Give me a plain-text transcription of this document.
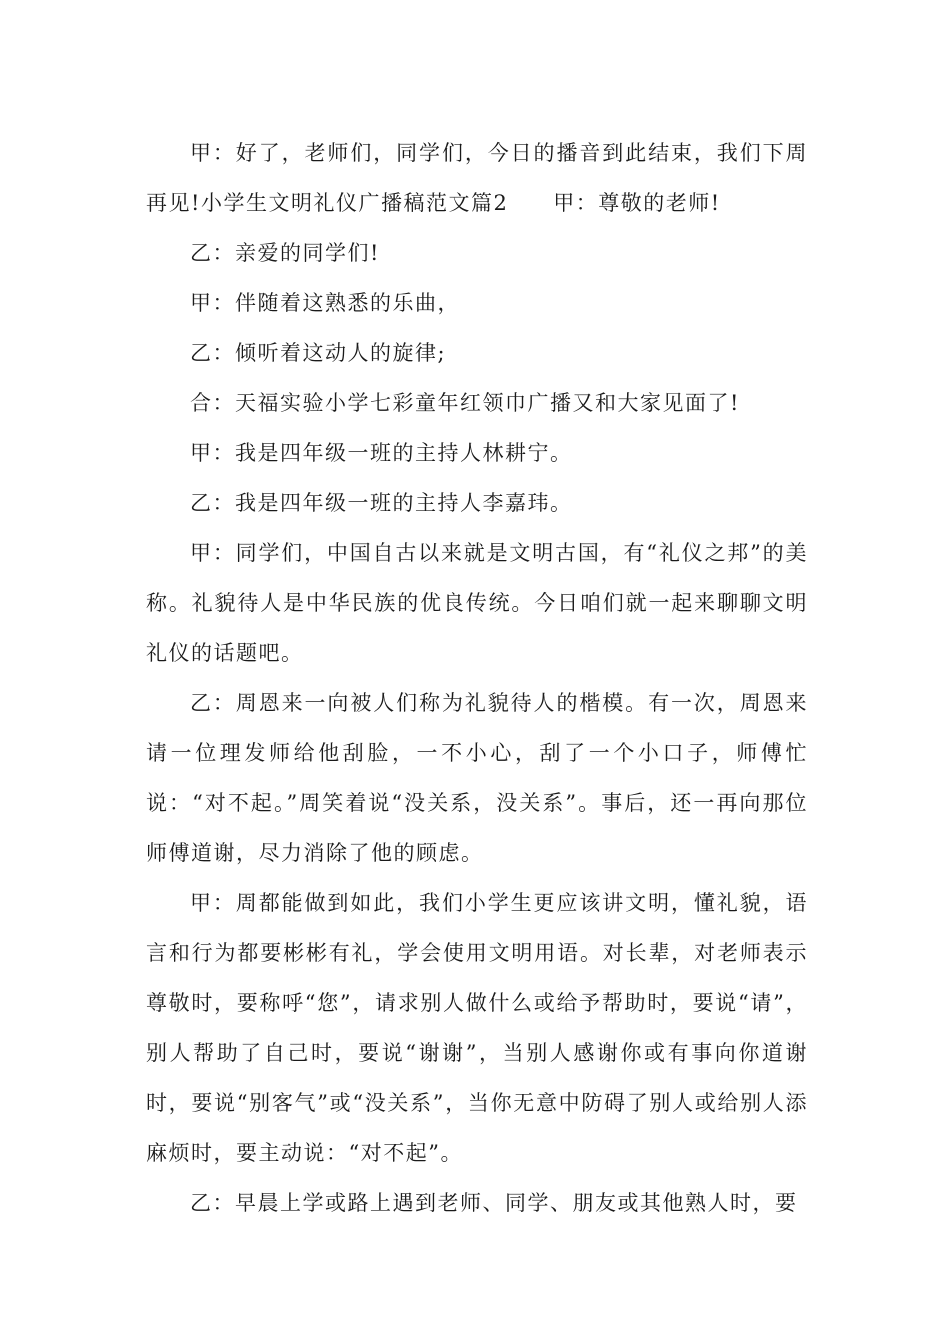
甲：好了，老师们，同学们，今日的播音到此结束，我们下周再见!小学生文明礼仪广播稿范文篇2　　甲：尊敬的老师!

乙：亲爱的同学们!

甲：伴随着这熟悉的乐曲，

乙：倾听着这动人的旋律;

合：天福实验小学七彩童年红领巾广播又和大家见面了!

甲：我是四年级一班的主持人林耕宁。

乙：我是四年级一班的主持人李嘉玮。

甲：同学们，中国自古以来就是文明古国，有“礼仪之邦”的美称。礼貌待人是中华民族的优良传统。今日咱们就一起来聊聊文明礼仪的话题吧。

乙：周恩来一向被人们称为礼貌待人的楷模。有一次，周恩来请一位理发师给他刮脸，一不小心，刮了一个小口子，师傅忙说：“对不起。”周笑着说“没关系，没关系”。事后，还一再向那位师傅道谢，尽力消除了他的顾虑。

甲：周都能做到如此，我们小学生更应该讲文明，懂礼貌，语言和行为都要彬彬有礼，学会使用文明用语。对长辈，对老师表示尊敬时，要称呼“您”，请求别人做什么或给予帮助时，要说“请”，别人帮助了自己时，要说“谢谢”，当别人感谢你或有事向你道谢时，要说“别客气”或“没关系”，当你无意中防碍了别人或给别人添麻烦时，要主动说：“对不起”。

乙：早晨上学或路上遇到老师、同学、朋友或其他熟人时，要
